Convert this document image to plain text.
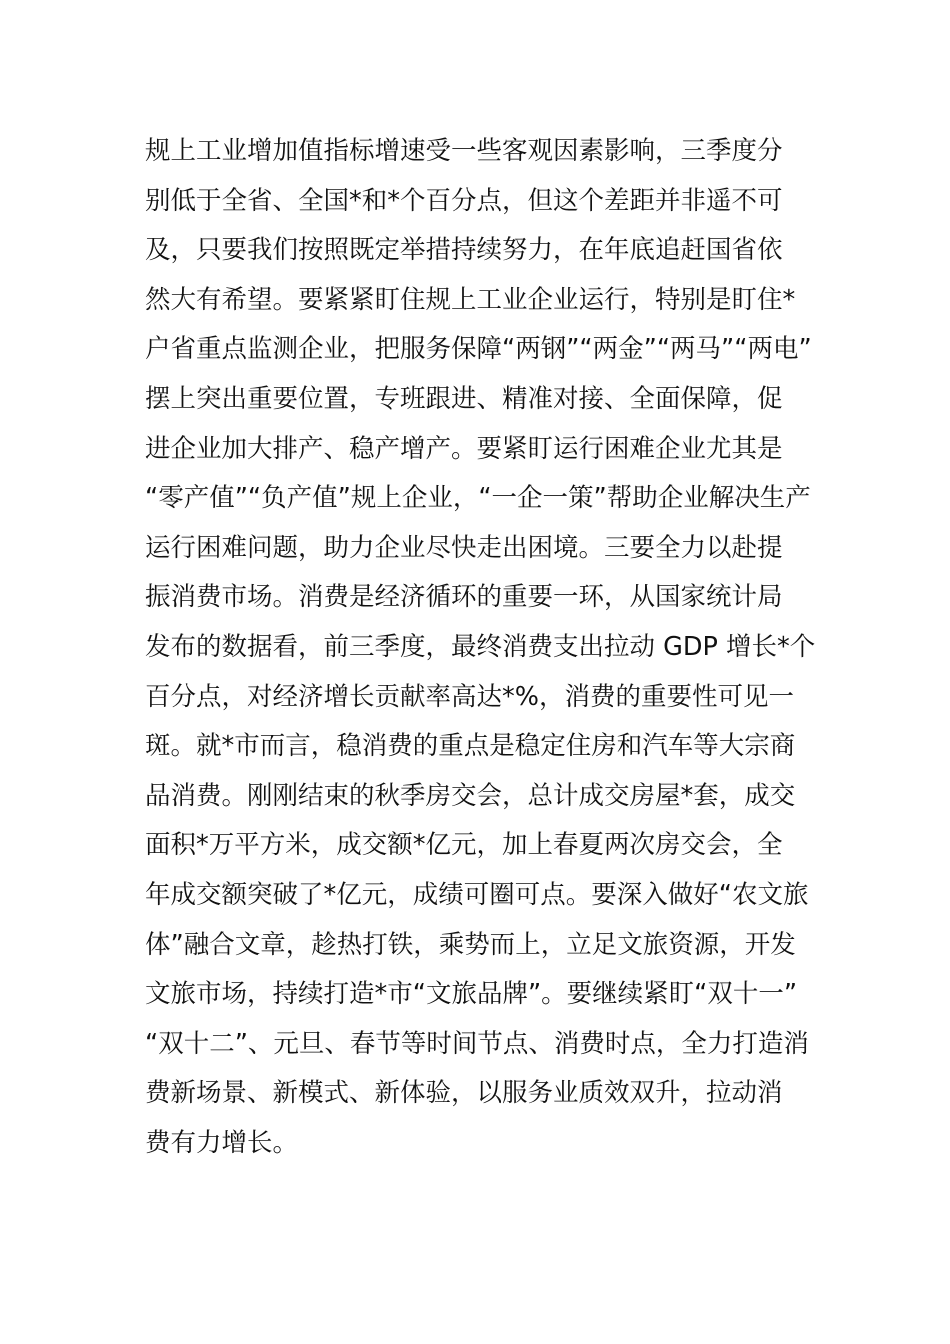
规上工业增加值指标增速受一些客观因素影响，三季度分
别低于全省、全国*和*个百分点，但这个差距并非遥不可
及，只要我们按照既定举措持续努力，在年底追赶国省依
然大有希望。要紧紧盯住规上工业企业运行，特别是盯住*
户省重点监测企业，把服务保障“两钢”“两金”“两马”“两电”
摆上突出重要位置，专班跟进、精准对接、全面保障，促
进企业加大排产、稳产增产。要紧盯运行困难企业尤其是
“零产值”“负产值”规上企业，“一企一策”帮助企业解决生产
运行困难问题，助力企业尽快走出困境。三要全力以赴提
振消费市场。消费是经济循环的重要一环，从国家统计局
发布的数据看，前三季度，最终消费支出拉动 GDP 增长*个
百分点，对经济增长贡献率高达*%，消费的重要性可见一
斑。就*市而言，稳消费的重点是稳定住房和汽车等大宗商
品消费。刚刚结束的秋季房交会，总计成交房屋*套，成交
面积*万平方米，成交额*亿元，加上春夏两次房交会，全
年成交额突破了*亿元，成绩可圈可点。要深入做好“农文旅
体”融合文章，趁热打铁，乘势而上，立足文旅资源，开发
文旅市场，持续打造*市“文旅品牌”。要继续紧盯“双十一”
“双十二”、元旦、春节等时间节点、消费时点，全力打造消
费新场景、新模式、新体验，以服务业质效双升，拉动消
费有力增长。
